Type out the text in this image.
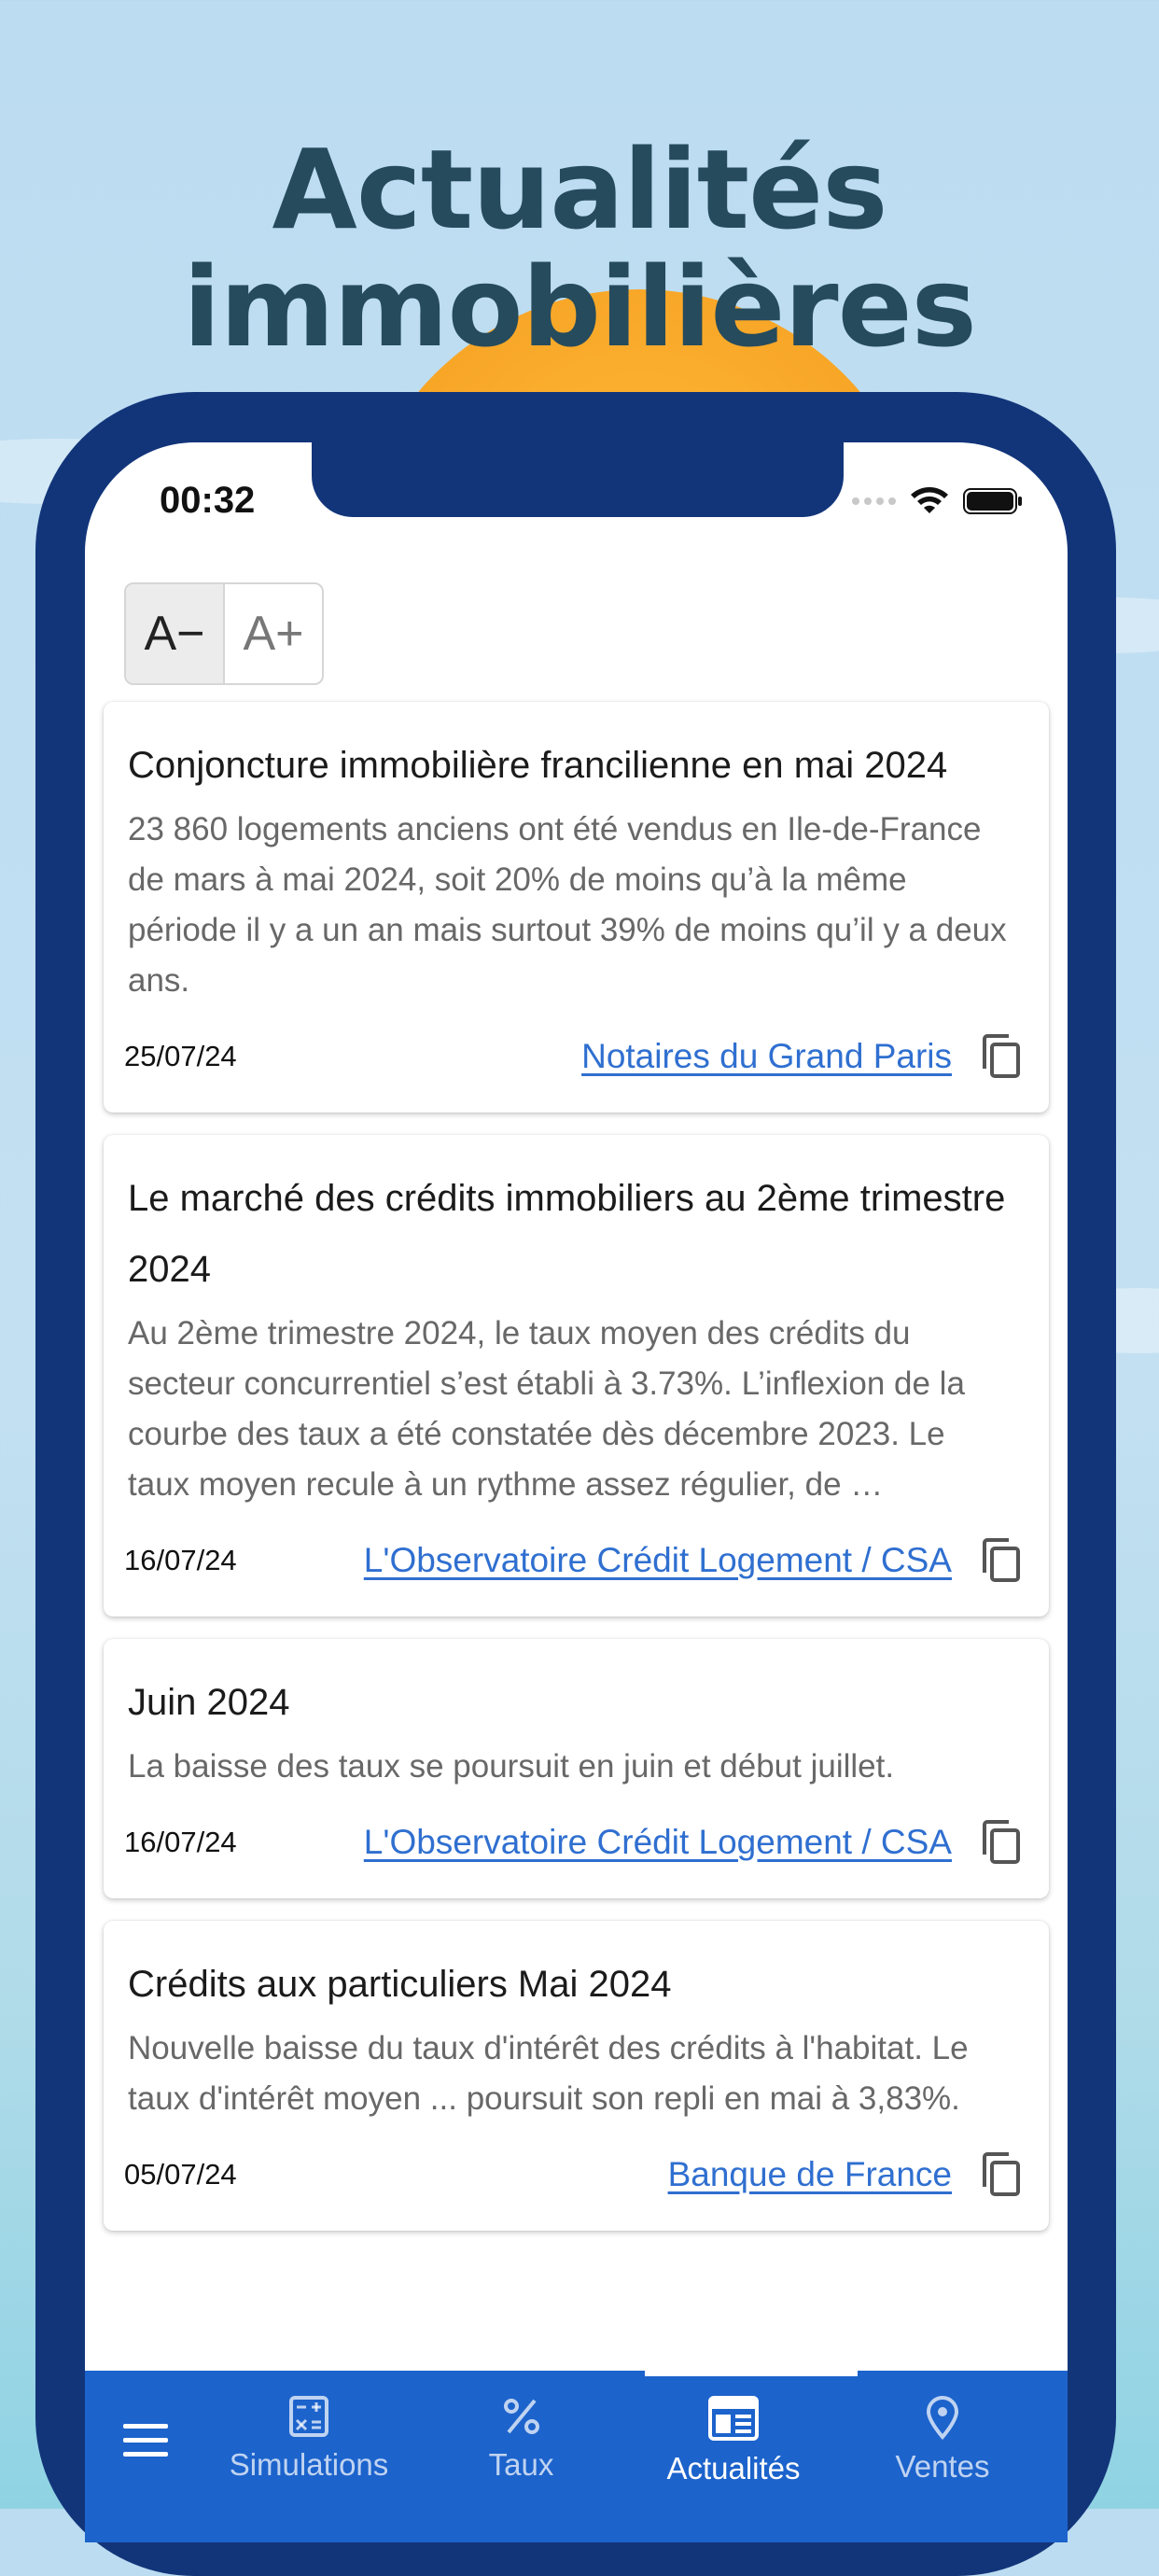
Actualités
immobilières
00:32
A− A+
Conjoncture immobilière francilienne en mai 2024
23 860 logements anciens ont été vendus en Ile-de-France de mars à mai 2024, soit 20% de moins qu’à la même période il y a un an mais surtout 39% de moins qu’il y a deux ans.
25/07/24	Notaires du Grand Paris
Le marché des crédits immobiliers au 2ème trimestre 2024
Au 2ème trimestre 2024, le taux moyen des crédits du secteur concurrentiel s’est établi à 3.73%. L’inflexion de la courbe des taux a été constatée dès décembre 2023. Le taux moyen recule à un rythme assez régulier, de …
16/07/24	L'Observatoire Crédit Logement / CSA
Juin 2024
La baisse des taux se poursuit en juin et début juillet.
16/07/24	L'Observatoire Crédit Logement / CSA
Crédits aux particuliers Mai 2024
Nouvelle baisse du taux d'intérêt des crédits à l'habitat. Le taux d'intérêt moyen ... poursuit son repli en mai à 3,83%.
05/07/24	Banque de France
Simulations	Taux	Actualités	Ventes
